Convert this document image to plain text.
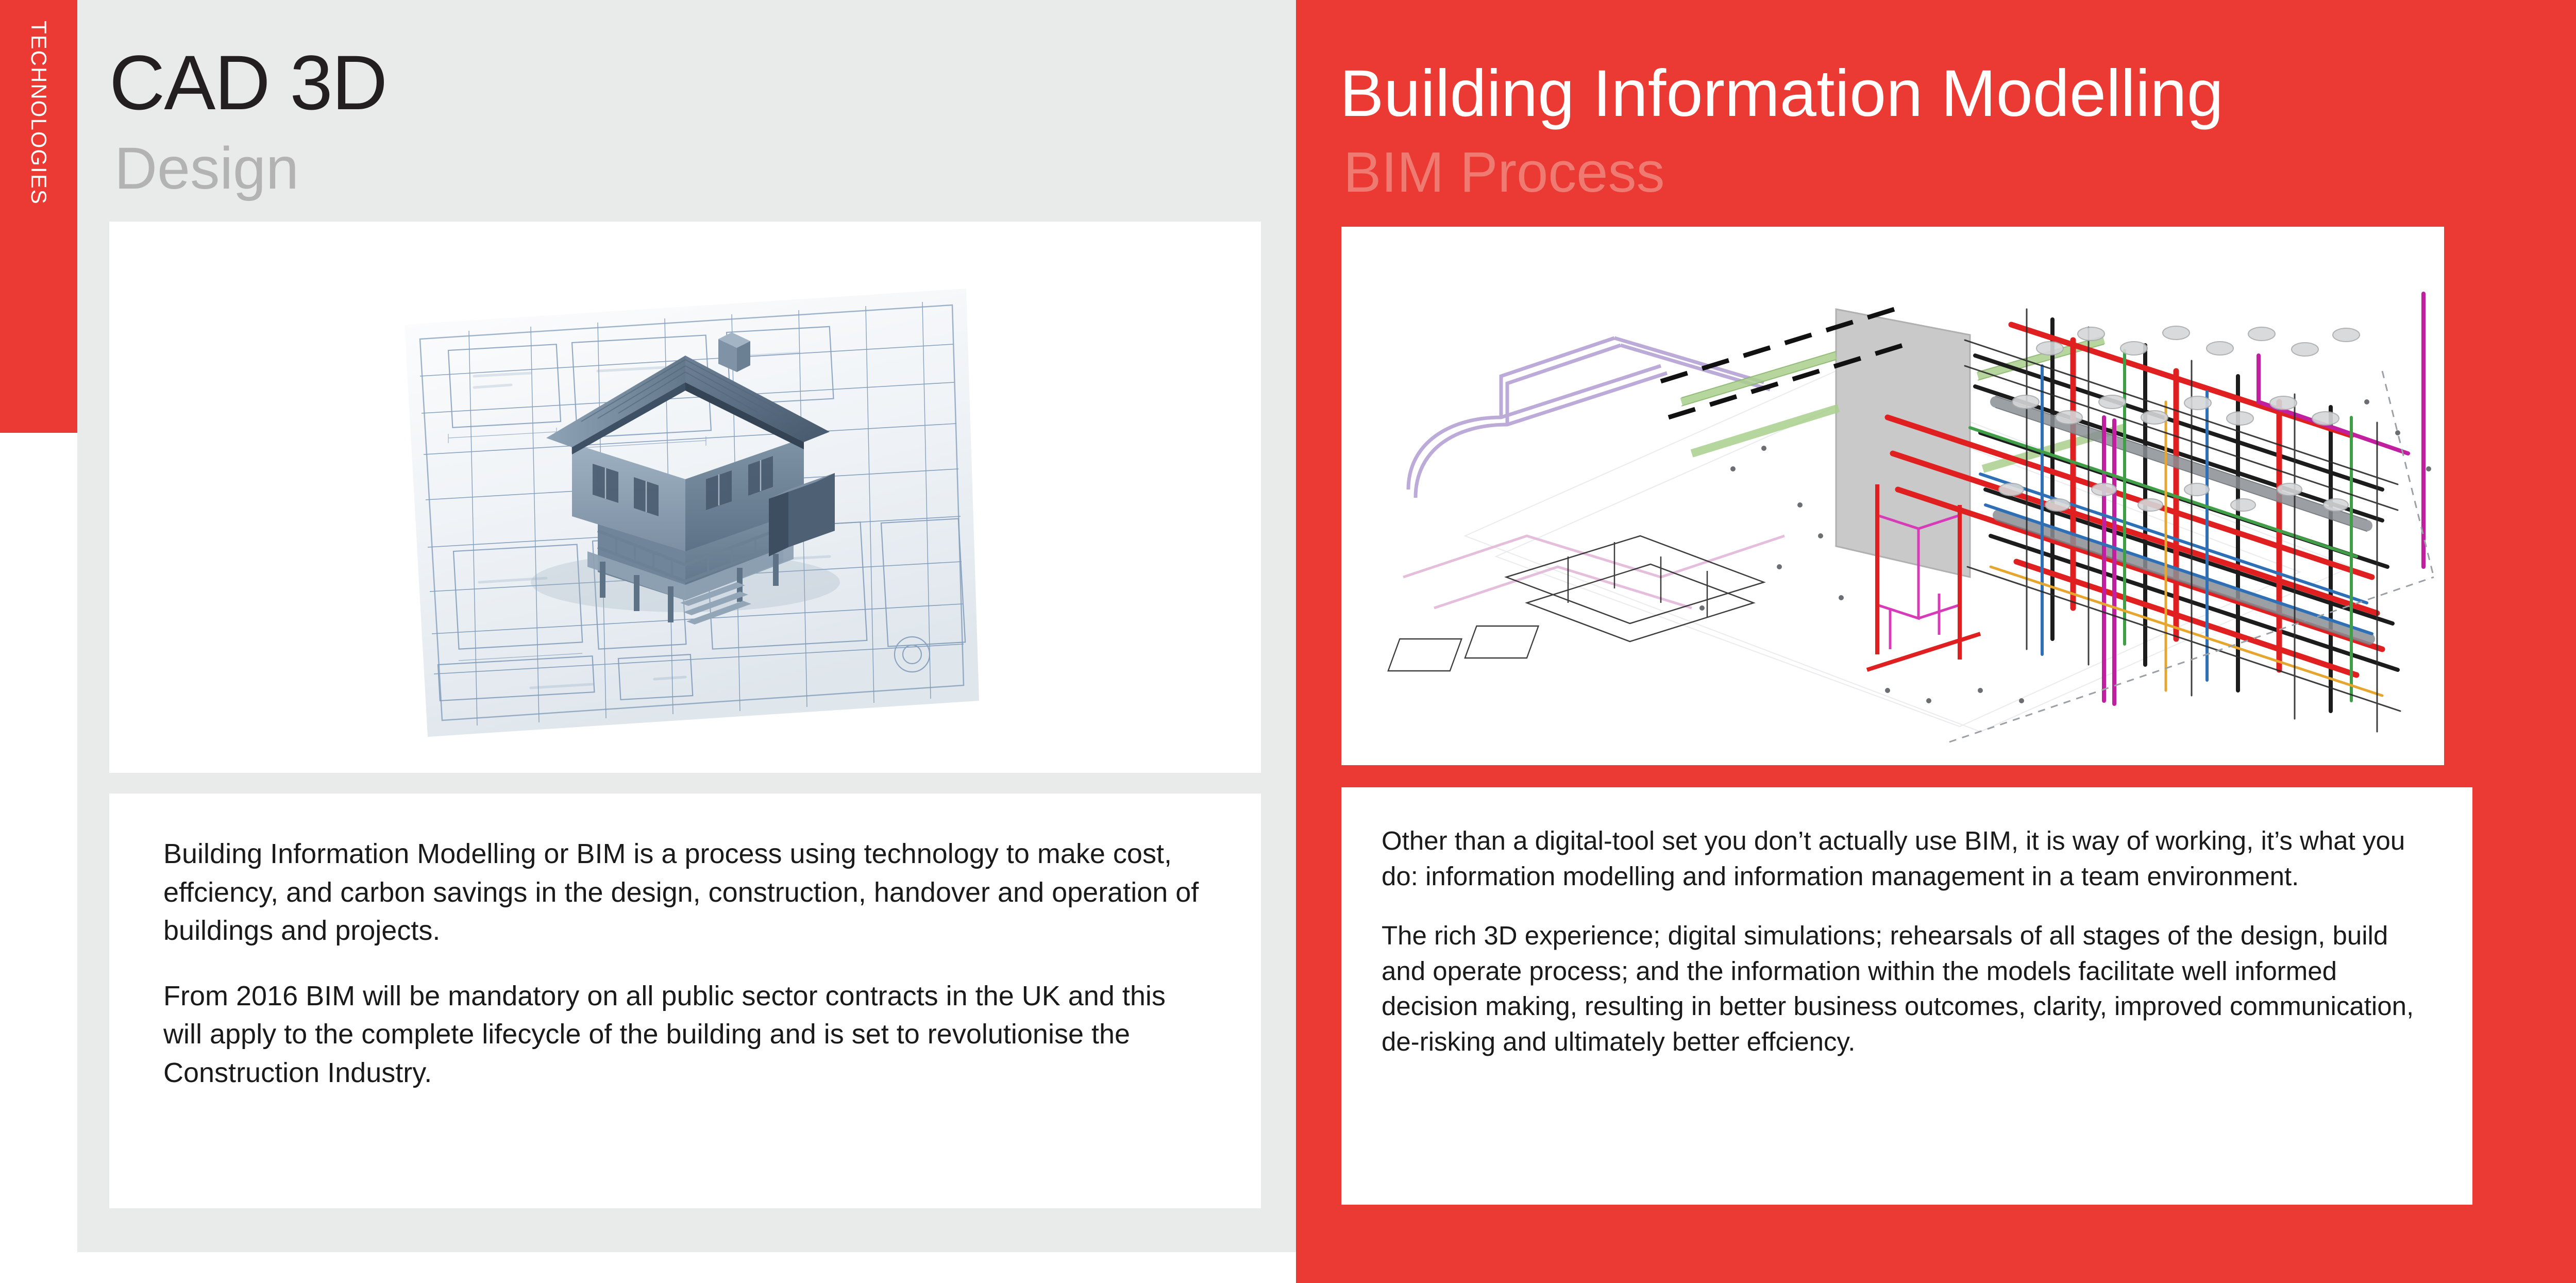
TECHNOLOGIES CAD 3D
Design

Building Information Modelling or BIM is a process using technology to make cost, effciency, and carbon savings in the design, construction, handover and operation of buildings and projects.

From 2016 BIM will be mandatory on all public sector contracts in the UK and this will apply to the complete lifecycle of the building and is set to revolutionise the Construction Industry.

Building Information Modelling
BIM Process

Other than a digital-tool set you don’t actually use BIM, it is way of working, it’s what you do: information modelling and information management in a team environment.

The rich 3D experience; digital simulations; rehearsals of all stages of the design, build and operate process; and the information within the models facilitate well informed decision making, resulting in better business outcomes, clarity, improved communication, de-risking and ultimately better effciency.
